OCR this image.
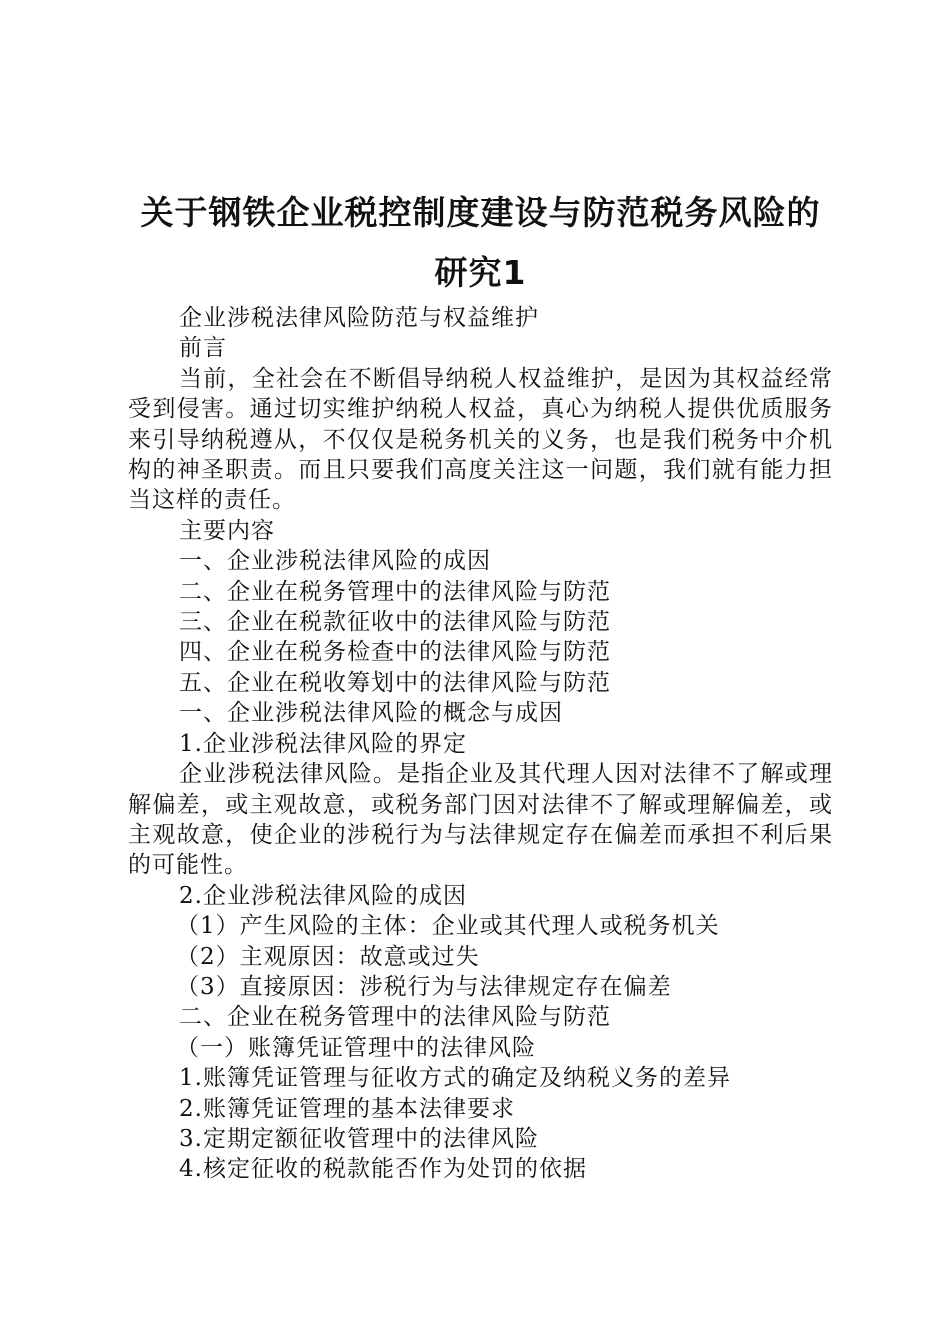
关于钢铁企业税控制度建设与防范税务风险的
研究1

企业涉税法律风险防范与权益维护

前言

当前，全社会在不断倡导纳税人权益维护，是因为其权益经常受到侵害。通过切实维护纳税人权益，真心为纳税人提供优质服务来引导纳税遵从，不仅仅是税务机关的义务，也是我们税务中介机构的神圣职责。而且只要我们高度关注这一问题，我们就有能力担当这样的责任。

主要内容

一、企业涉税法律风险的成因

二、企业在税务管理中的法律风险与防范

三、企业在税款征收中的法律风险与防范

四、企业在税务检查中的法律风险与防范

五、企业在税收筹划中的法律风险与防范

一、企业涉税法律风险的概念与成因

1.企业涉税法律风险的界定

企业涉税法律风险。是指企业及其代理人因对法律不了解或理解偏差，或主观故意，或税务部门因对法律不了解或理解偏差，或主观故意，使企业的涉税行为与法律规定存在偏差而承担不利后果的可能性。

2.企业涉税法律风险的成因

（1）产生风险的主体：企业或其代理人或税务机关

（2）主观原因：故意或过失

（3）直接原因：涉税行为与法律规定存在偏差

二、企业在税务管理中的法律风险与防范

（一）账簿凭证管理中的法律风险

1.账簿凭证管理与征收方式的确定及纳税义务的差异

2.账簿凭证管理的基本法律要求

3.定期定额征收管理中的法律风险

4.核定征收的税款能否作为处罚的依据
